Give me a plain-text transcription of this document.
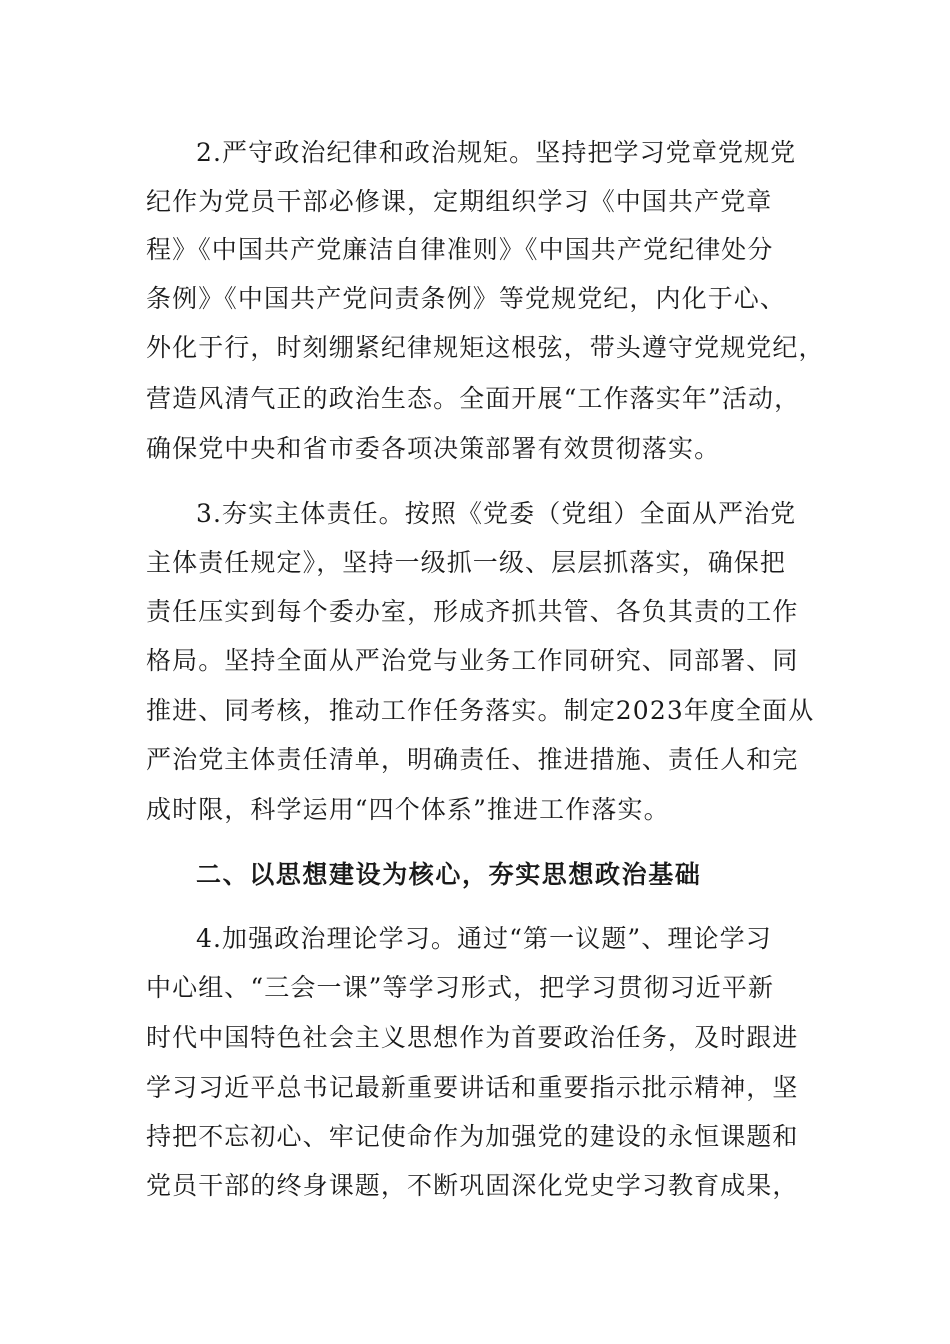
2.严守政治纪律和政治规矩。坚持把学习党章党规党
纪作为党员干部必修课，定期组织学习《中国共产党章
程》《中国共产党廉洁自律准则》《中国共产党纪律处分
条例》《中国共产党问责条例》等党规党纪，内化于心、
外化于行，时刻绷紧纪律规矩这根弦，带头遵守党规党纪，
营造风清气正的政治生态。全面开展“工作落实年”活动，
确保党中央和省市委各项决策部署有效贯彻落实。
3.夯实主体责任。按照《党委（党组）全面从严治党
主体责任规定》，坚持一级抓一级、层层抓落实，确保把
责任压实到每个委办室，形成齐抓共管、各负其责的工作
格局。坚持全面从严治党与业务工作同研究、同部署、同
推进、同考核，推动工作任务落实。制定2023年度全面从
严治党主体责任清单，明确责任、推进措施、责任人和完
成时限，科学运用“四个体系”推进工作落实。
二、以思想建设为核心，夯实思想政治基础
4.加强政治理论学习。通过“第一议题”、理论学习
中心组、“三会一课”等学习形式，把学习贯彻习近平新
时代中国特色社会主义思想作为首要政治任务，及时跟进
学习习近平总书记最新重要讲话和重要指示批示精神，坚
持把不忘初心、牢记使命作为加强党的建设的永恒课题和
党员干部的终身课题，不断巩固深化党史学习教育成果，
